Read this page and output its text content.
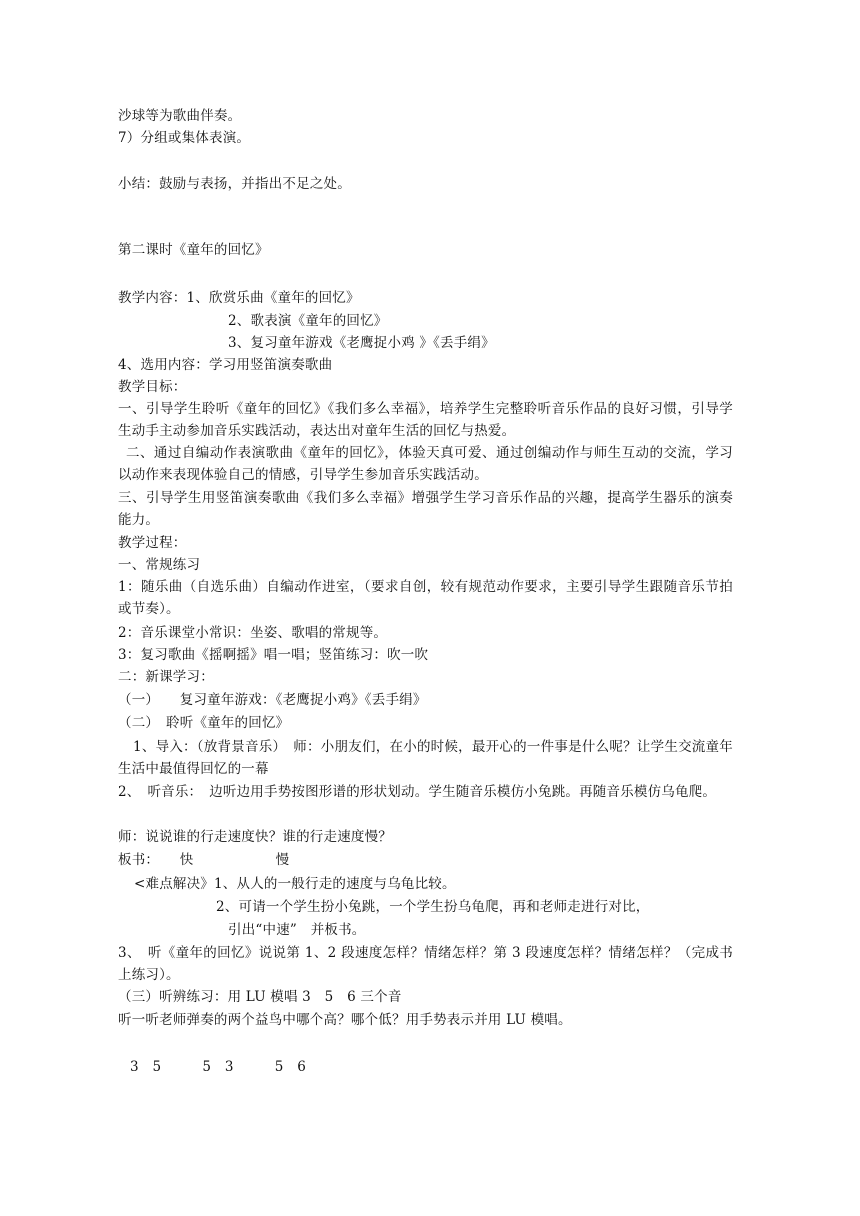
沙球等为歌曲伴奏。
7）分组或集体表演。
小结：鼓励与表扬，并指出不足之处。
第二课时《童年的回忆》
教学内容：1、欣赏乐曲《童年的回忆》
2、歌表演《童年的回忆》
3、复习童年游戏《老鹰捉小鸡 》《丢手绢》
4、选用内容：学习用竖笛演奏歌曲
教学目标：
一、引导学生聆听《童年的回忆》《我们多么幸福》，培养学生完整聆听音乐作品的良好习惯，引导学生动手主动参加音乐实践活动，表达出对童年生活的回忆与热爱。
二、通过自编动作表演歌曲《童年的回忆》，体验天真可爱、通过创编动作与师生互动的交流，学习以动作来表现体验自己的情感，引导学生参加音乐实践活动。
三、引导学生用竖笛演奏歌曲《我们多么幸福》增强学生学习音乐作品的兴趣，提高学生器乐的演奏能力。
教学过程：
一、常规练习
1：随乐曲（自选乐曲）自编动作进室，（要求自创，较有规范动作要求，主要引导学生跟随音乐节拍或节奏）。
2：音乐课堂小常识：坐姿、歌唱的常规等。
3：复习歌曲《摇啊摇》唱一唱；竖笛练习：吹一吹
二：新课学习：
（一）　　复习童年游戏：《老鹰捉小鸡》《丢手绢》
（二）　聆听《童年的回忆》
1、导入：（放背景音乐）　师：小朋友们，在小的时候，最开心的一件事是什么呢？让学生交流童年生活中最值得回忆的一幕
2、　听音乐：　边听边用手势按图形谱的形状划动。学生随音乐模仿小兔跳。再随音乐模仿乌龟爬。
师：说说谁的行走速度快？谁的行走速度慢？
板书：　　快　　　　　　慢
<难点解决》1、从人的一般行走的速度与乌龟比较。
2、可请一个学生扮小兔跳，一个学生扮乌龟爬，再和老师走进行对比，
引出“中速”　并板书。
3、　听《童年的回忆》说说第 1、2 段速度怎样？情绪怎样？第 3 段速度怎样？情绪怎样？（完成书上练习）。
（三）听辨练习：用 LU 模唱 3　5　6 三个音
听一听老师弹奏的两个益鸟中哪个高？哪个低？用手势表示并用 LU 模唱。
3　5　　　5　3　　　5　6
